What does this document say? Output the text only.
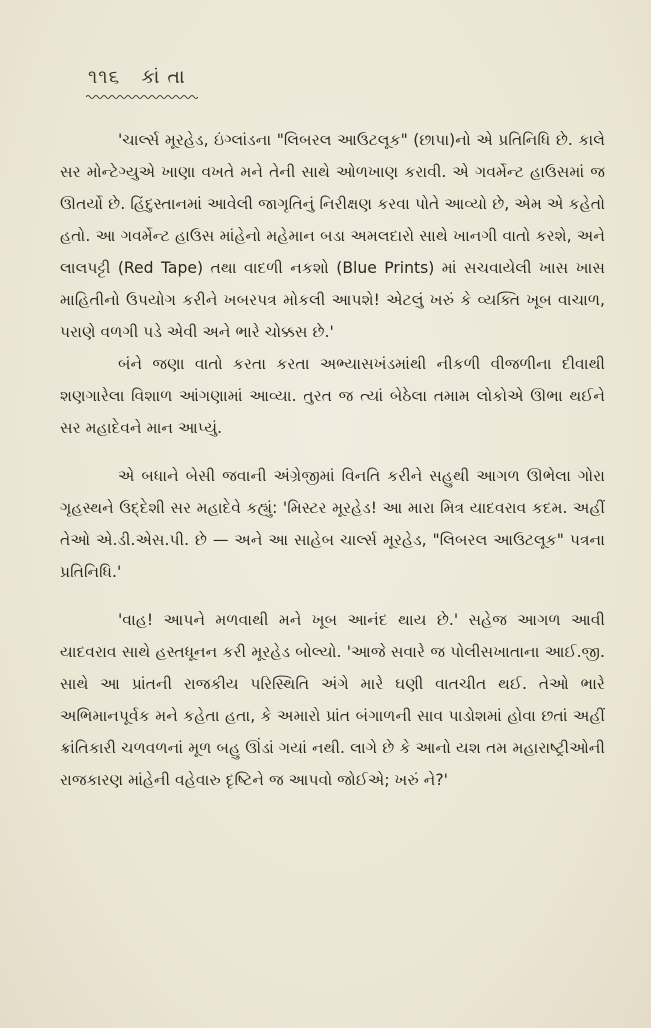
૧૧૬ કાં તા

'ચાર્લ્સ મૂરહેડ, ઇંગ્લાંડના "લિબરલ આઉટલૂક" (છાપા)નો એ પ્રતિનિધિ છે. કાલે સર મોન્ટેગ્યુએ ખાણા વખતે મને તેની સાથે ઓળખાણ કરાવી. એ ગવર્મેન્ટ હાઉસમાં જ ઊતર્યો છે. હિંદુસ્તાનમાં આવેલી જાગૃતિનું નિરીક્ષણ કરવા પોતે આવ્યો છે, એમ એ કહેતો હતો. આ ગવર્મેન્ટ હાઉસ માંહેનો મહેમાન બડા અમલદારો સાથે ખાનગી વાતો કરશે, અને લાલપટ્ટી (Red Tape) તથા વાદળી નકશો (Blue Prints) માં સચવાયેલી ખાસ ખાસ માહિતીનો ઉપયોગ કરીને ખબરપત્ર મોકલી આપશે! એટલું ખરું કે વ્યક્તિ ખૂબ વાચાળ, પરાણે વળગી પડે એવી અને ભારે ચોક્કસ છે.'

બંને જણા વાતો કરતા કરતા અભ્યાસખંડમાંથી નીકળી વીજળીના દીવાથી શણગારેલા વિશાળ આંગણામાં આવ્યા. તુરત જ ત્યાં બેઠેલા તમામ લોકોએ ઊભા થઈને સર મહાદેવને માન આપ્યું.

એ બધાને બેસી જવાની અંગ્રેજીમાં વિનતિ કરીને સહુથી આગળ ઊભેલા ગોરા ગૃહસ્થને ઉદ્દેશી સર મહાદેવે કહ્યું: 'મિસ્ટર મૂરહેડ! આ મારા મિત્ર યાદવરાવ કદમ. અહીં તેઓ એ.ડી.એસ.પી. છે — અને આ સાહેબ ચાર્લ્સ મૂરહેડ, "લિબરલ આઉટલૂક" પત્રના પ્રતિનિધિ.'

'વાહ! આપને મળવાથી મને ખૂબ આનંદ થાય છે.' સહેજ આગળ આવી યાદવરાવ સાથે હસ્તધૂનન કરી મૂરહેડ બોલ્યો. 'આજે સવારે જ પોલીસખાતાના આઈ.જી. સાથે આ પ્રાંતની રાજકીય પરિસ્થિતિ અંગે મારે ઘણી વાતચીત થઈ. તેઓ ભારે અભિમાનપૂર્વક મને કહેતા હતા, કે અમારો પ્રાંત બંગાળની સાવ પાડોશમાં હોવા છતાં અહીં ક્રાંતિકારી ચળવળનાં મૂળ બહુ ઊંડાં ગયાં નથી. લાગે છે કે આનો યશ તમ મહારાષ્ટ્રીઓની રાજકારણ માંહેની વહેવારુ દૃષ્ટિને જ આપવો જોઈએ; ખરું ને?'
